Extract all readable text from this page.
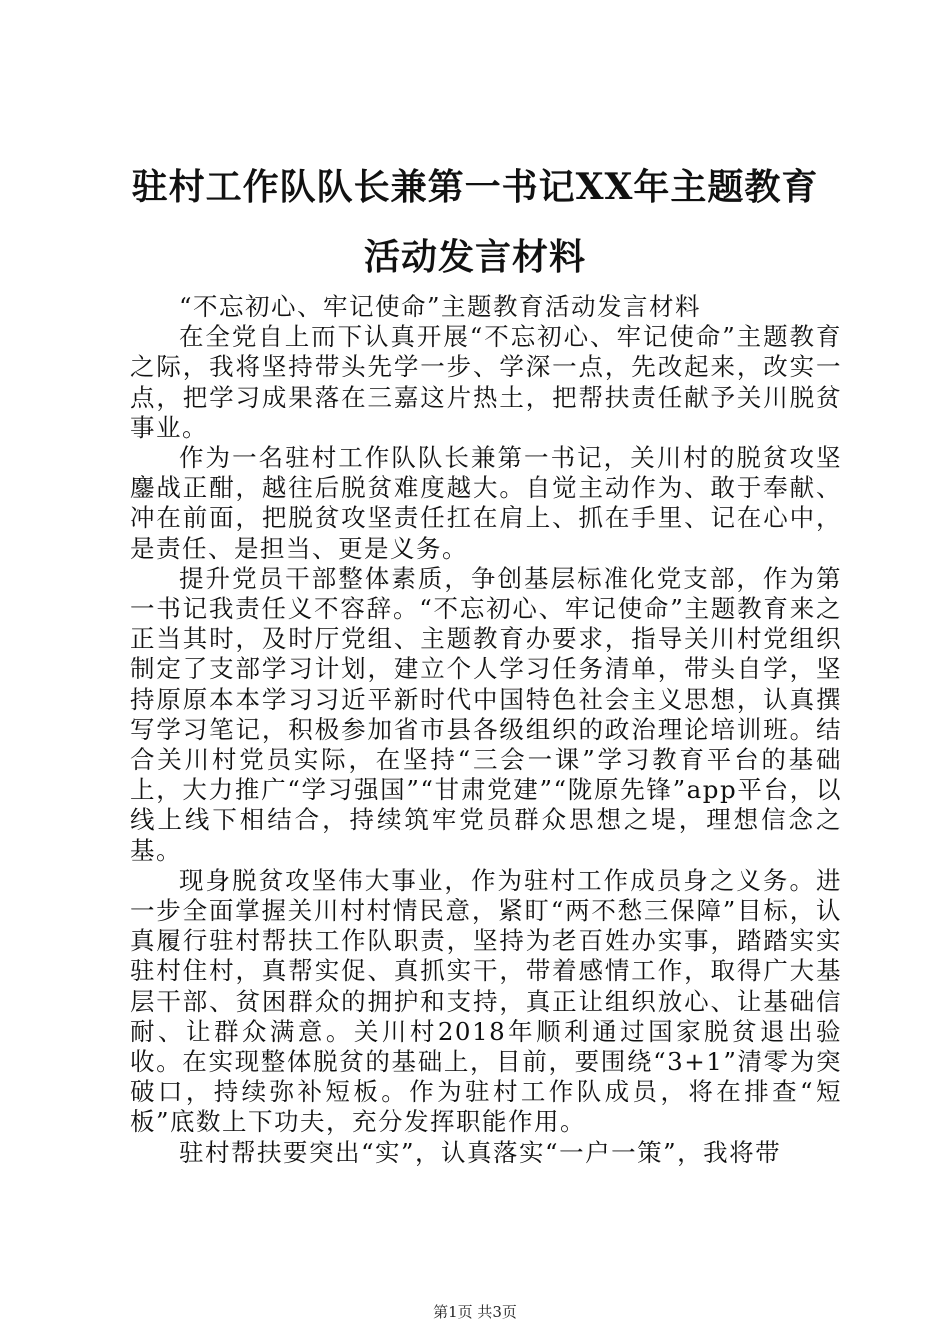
驻村工作队队长兼第一书记XX年主题教育活动发言材料

“不忘初心、牢记使命”主题教育活动发言材料

在全党自上而下认真开展“不忘初心、牢记使命”主题教育之际，我将坚持带头先学一步、学深一点，先改起来，改实一点，把学习成果落在三嘉这片热土，把帮扶责任献予关川脱贫事业。

作为一名驻村工作队队长兼第一书记，关川村的脱贫攻坚鏖战正酣，越往后脱贫难度越大。自觉主动作为、敢于奉献、冲在前面，把脱贫攻坚责任扛在肩上、抓在手里、记在心中，是责任、是担当、更是义务。

提升党员干部整体素质，争创基层标准化党支部，作为第一书记我责任义不容辞。“不忘初心、牢记使命”主题教育来之正当其时，及时厅党组、主题教育办要求，指导关川村党组织制定了支部学习计划，建立个人学习任务清单，带头自学，坚持原原本本学习习近平新时代中国特色社会主义思想，认真撰写学习笔记，积极参加省市县各级组织的政治理论培训班。结合关川村党员实际，在坚持“三会一课”学习教育平台的基础上，大力推广“学习强国”“甘肃党建”“陇原先锋”app平台，以线上线下相结合，持续筑牢党员群众思想之堤，理想信念之基。

现身脱贫攻坚伟大事业，作为驻村工作成员身之义务。进一步全面掌握关川村村情民意，紧盯“两不愁三保障”目标，认真履行驻村帮扶工作队职责，坚持为老百姓办实事，踏踏实实驻村住村，真帮实促、真抓实干，带着感情工作，取得广大基层干部、贫困群众的拥护和支持，真正让组织放心、让基础信耐、让群众满意。关川村2018年顺利通过国家脱贫退出验收。在实现整体脱贫的基础上，目前，要围绕“3+1”清零为突破口，持续弥补短板。作为驻村工作队成员，将在排查“短板”底数上下功夫，充分发挥职能作用。

驻村帮扶要突出“实”，认真落实“一户一策”，我将带

第1页 共3页
